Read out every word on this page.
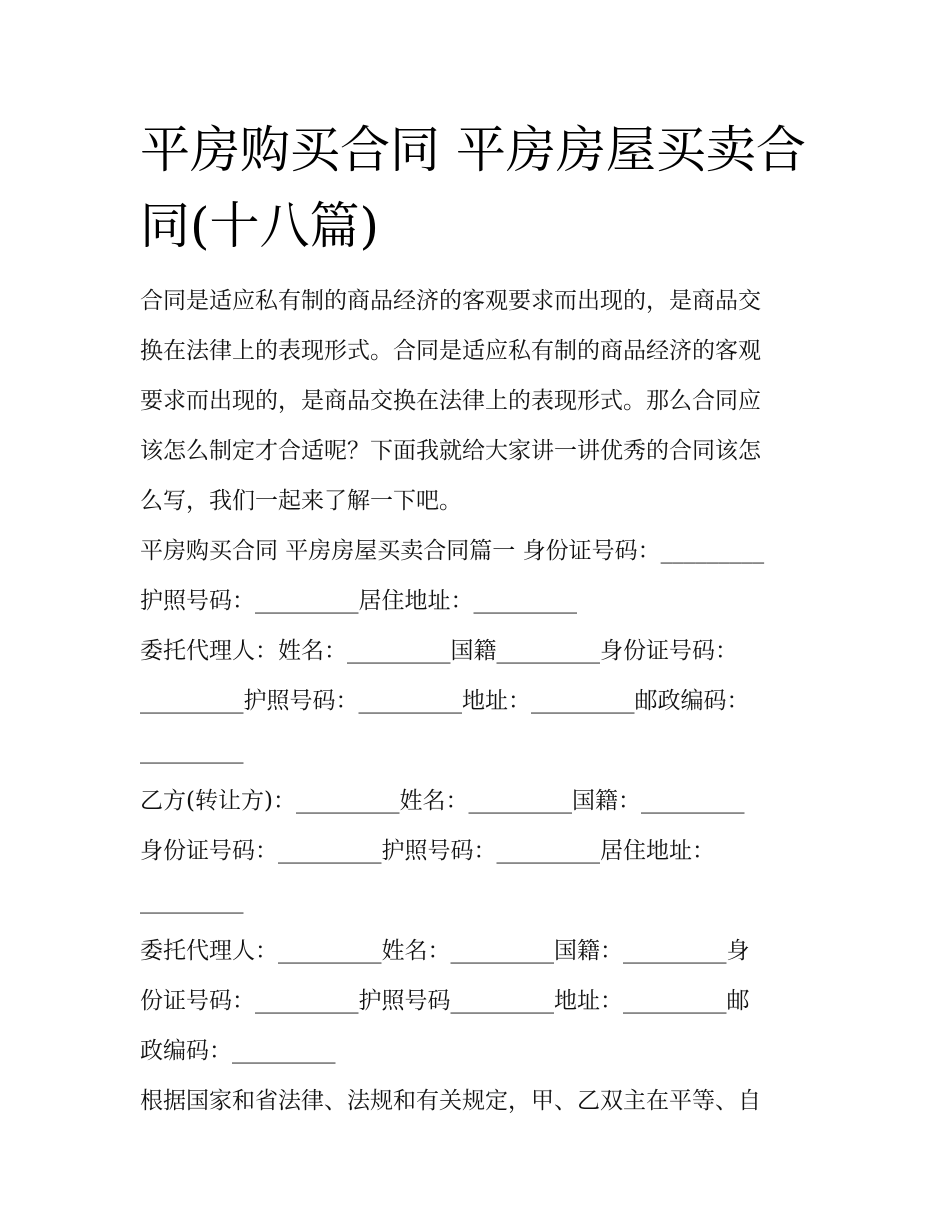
平房购买合同 平房房屋买卖合
同(十八篇)
合同是适应私有制的商品经济的客观要求而出现的，是商品交
换在法律上的表现形式。合同是适应私有制的商品经济的客观
要求而出现的，是商品交换在法律上的表现形式。那么合同应
该怎么制定才合适呢？下面我就给大家讲一讲优秀的合同该怎
么写，我们一起来了解一下吧。
平房购买合同 平房房屋买卖合同篇一 身份证号码：_________
护照号码：_________居住地址：_________
委托代理人：姓名：_________国籍_________身份证号码：
_________护照号码：_________地址：_________邮政编码：
_________
乙方(转让方)：_________姓名：_________国籍：_________
身份证号码：_________护照号码：_________居住地址：
_________
委托代理人：_________姓名：_________国籍：_________身
份证号码：_________护照号码_________地址：_________邮
政编码：_________
根据国家和省法律、法规和有关规定，甲、乙双主在平等、自
